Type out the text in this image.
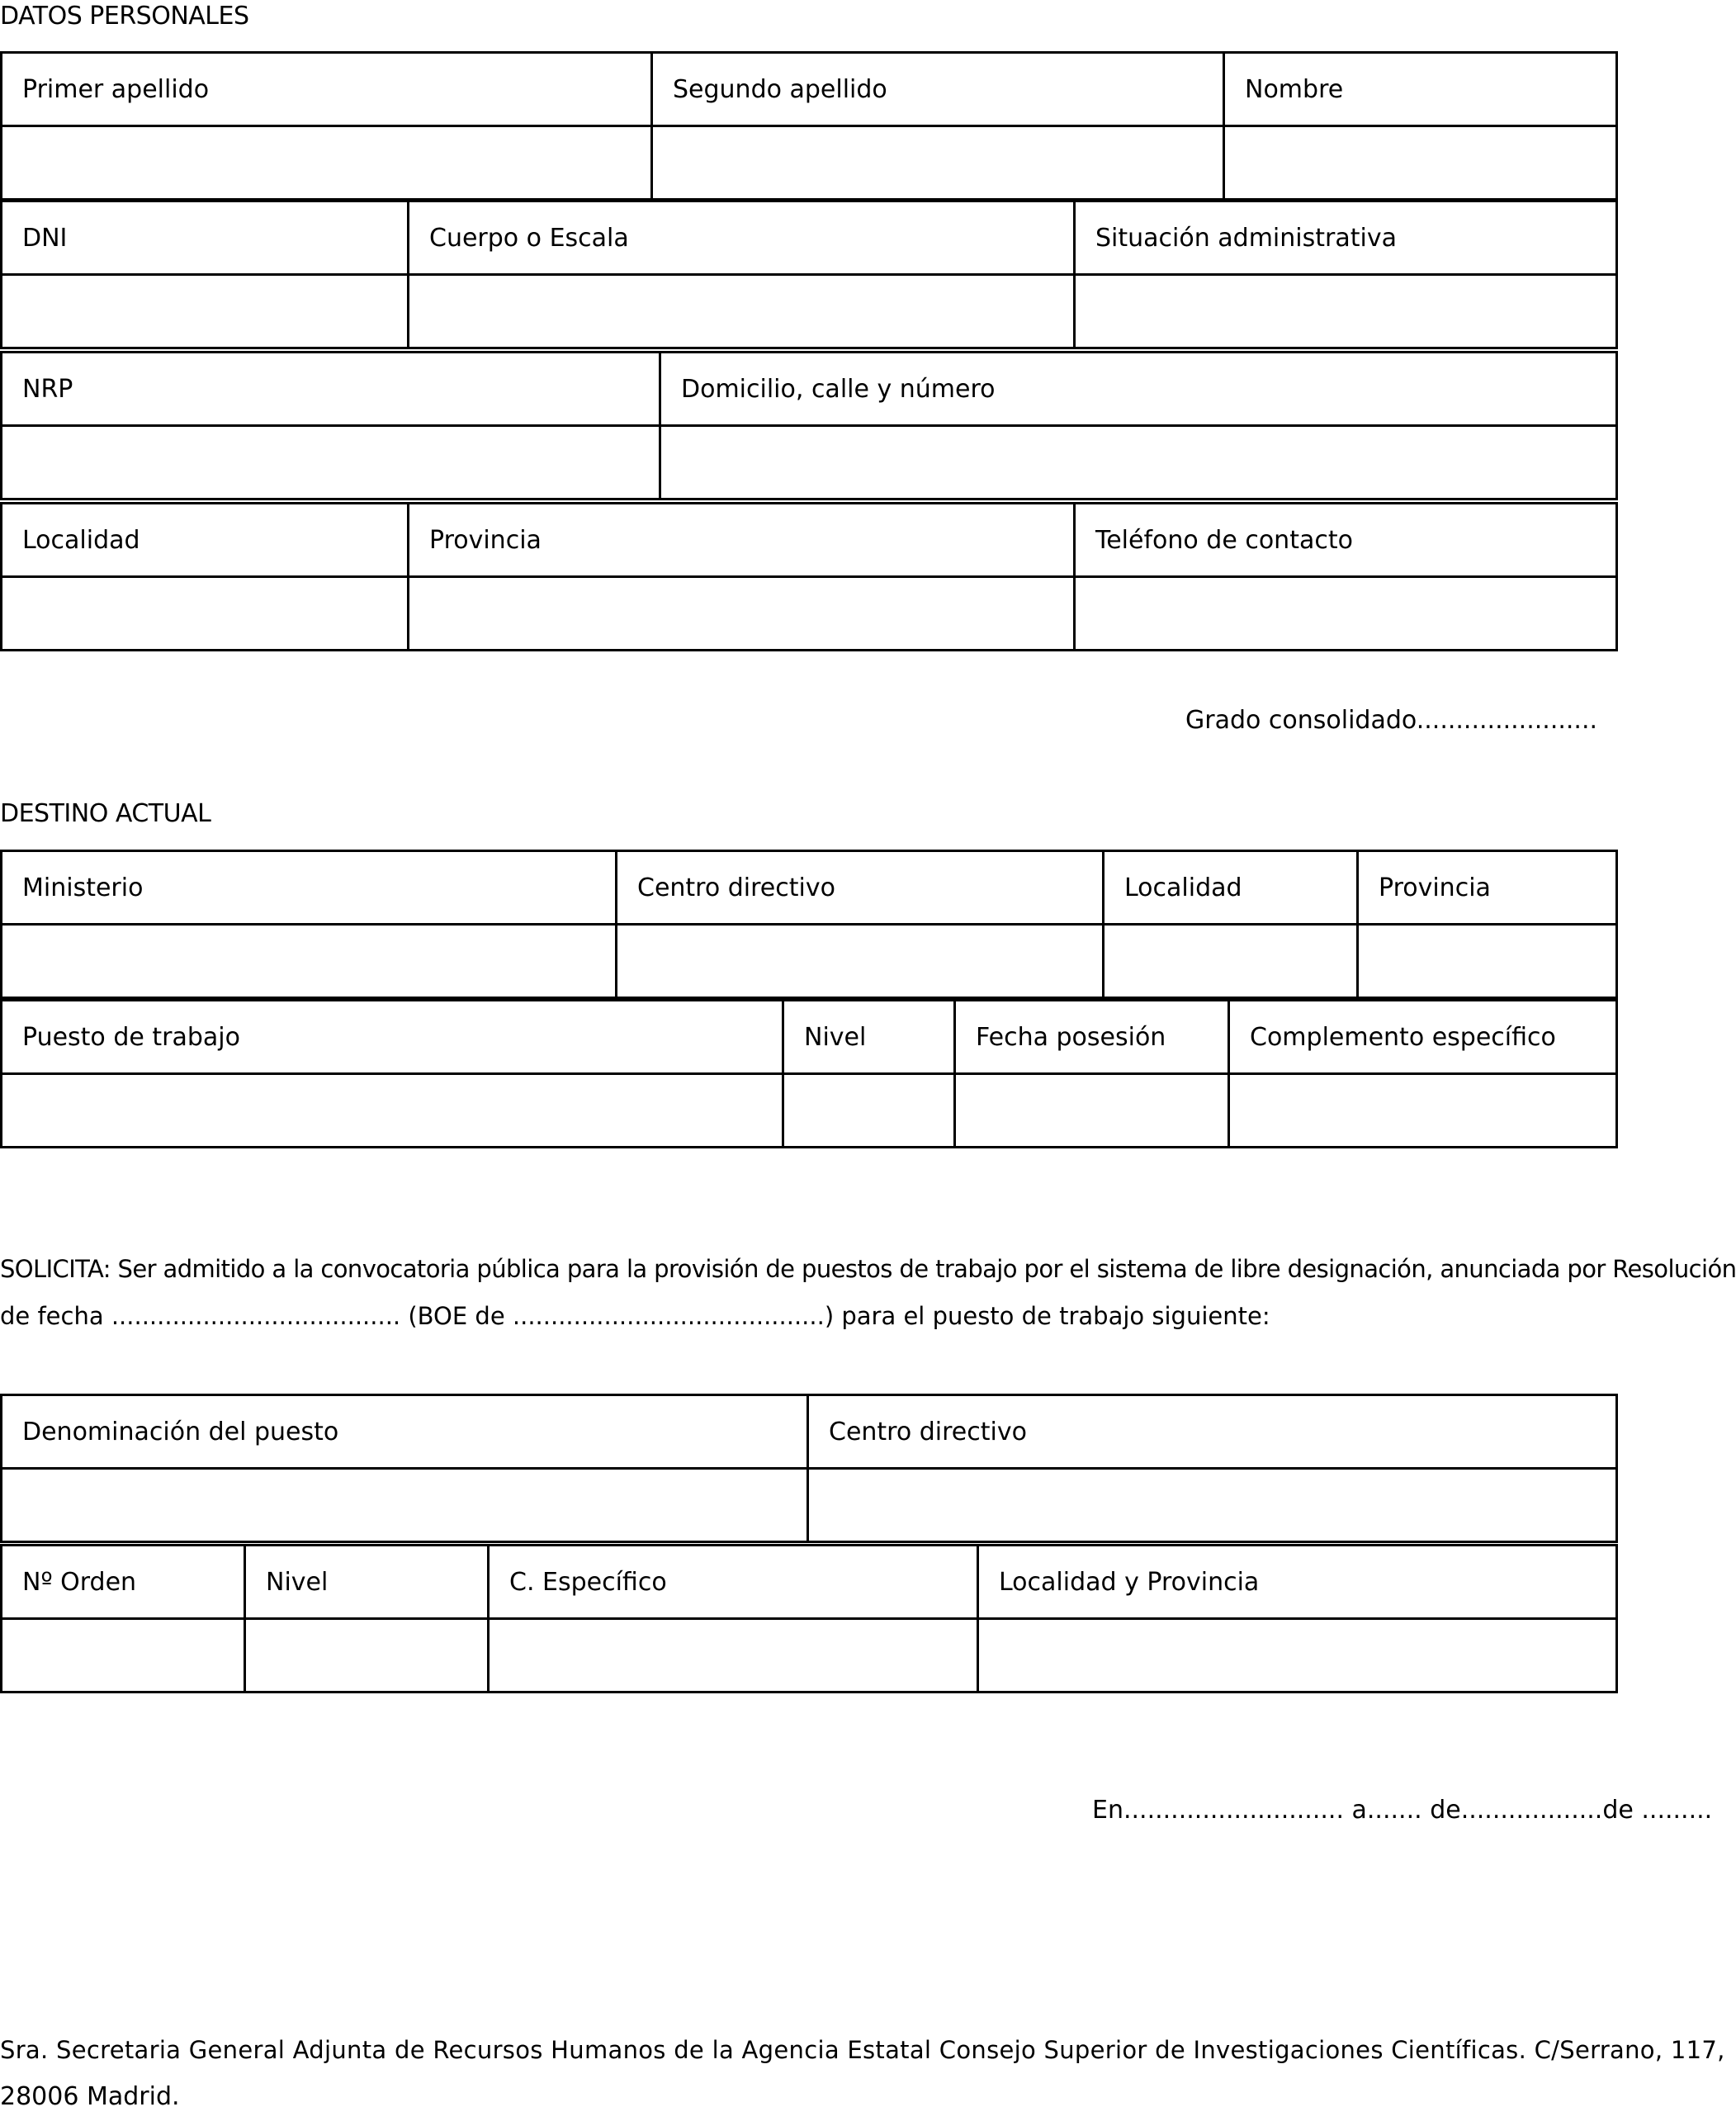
DATOS PERSONALES
Primer apellido	Segundo apellido	Nombre

DNI	Cuerpo o Escala	Situación administrativa

NRP	Domicilio, calle y número

Localidad	Provincia	Teléfono de contacto

Grado consolidado.......................
DESTINO ACTUAL
Ministerio	Centro directivo	Localidad	Provincia

Puesto de trabajo	Nivel	Fecha posesión	Complemento específico

SOLICITA: Ser admitido a la convocatoria pública para la provisión de puestos de trabajo por el sistema de libre designación, anunciada por Resolución
de fecha ...................................... (BOE de .........................................) para el puesto de trabajo siguiente:
Denominación del puesto	Centro directivo

Nº Orden	Nivel	C. Específico	Localidad y Provincia

En............................ a....... de..................de .........
Sra. Secretaria General Adjunta de Recursos Humanos de la Agencia Estatal Consejo Superior de Investigaciones Científicas. C/Serrano, 117,
28006 Madrid.
